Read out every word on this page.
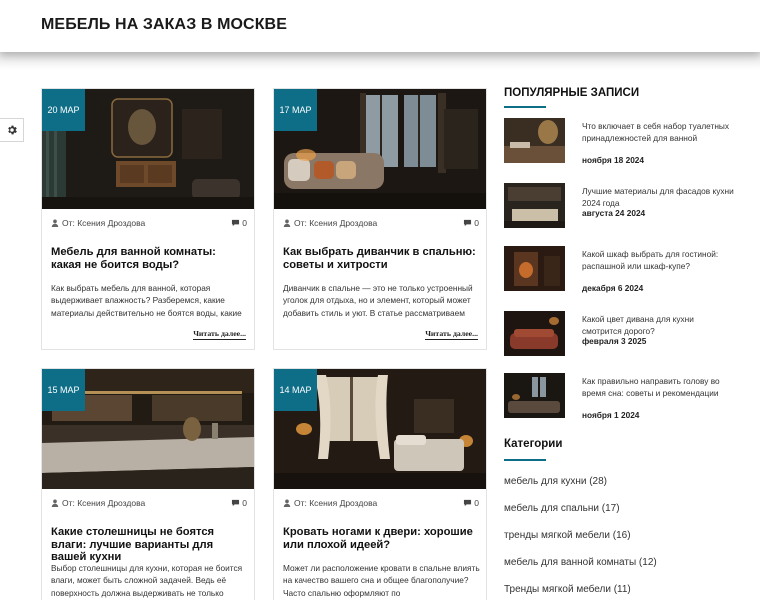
МЕБЕЛЬ НА ЗАКАЗ В МОСКВЕ
20 МАР
От: Ксения Дроздова	0
Мебель для ванной комнаты: какая не боится воды?
Как выбрать мебель для ванной, которая выдерживает влажность? Разберемся, какие материалы действительно не боятся воды, какие
Читать далее...
17 МАР
От: Ксения Дроздова	0
Как выбрать диванчик в спальню: советы и хитрости
Диванчик в спальне — это не только устроенный уголок для отдыха, но и элемент, который может добавить стиль и уют. В статье рассматриваем
Читать далее...
15 МАР
От: Ксения Дроздова	0
Какие столешницы не боятся влаги: лучшие варианты для вашей кухни
Выбор столешницы для кухни, которая не боится влаги, может быть сложной задачей. Ведь её поверхность должна выдерживать не только
14 МАР
От: Ксения Дроздова	0
Кровать ногами к двери: хорошие или плохой идеей?
Может ли расположение кровати в спальне влиять на качество вашего сна и общее благополучие? Часто спальню оформляют по
ПОПУЛЯРНЫЕ ЗАПИСИ
Что включает в себя набор туалетных принадлежностей для ванной
ноября 18 2024
Лучшие материалы для фасадов кухни 2024 года
августа 24 2024
Какой шкаф выбрать для гостиной: распашной или шкаф-купе?
декабря 6 2024
Какой цвет дивана для кухни смотрится дорого?
февраля 3 2025
Как правильно направить голову во время сна: советы и рекомендации
ноября 1 2024
Категории
мебель для кухни (28)
мебель для спальни (17)
тренды мягкой мебели (16)
мебель для ванной комнаты (12)
Тренды мягкой мебели (11)
